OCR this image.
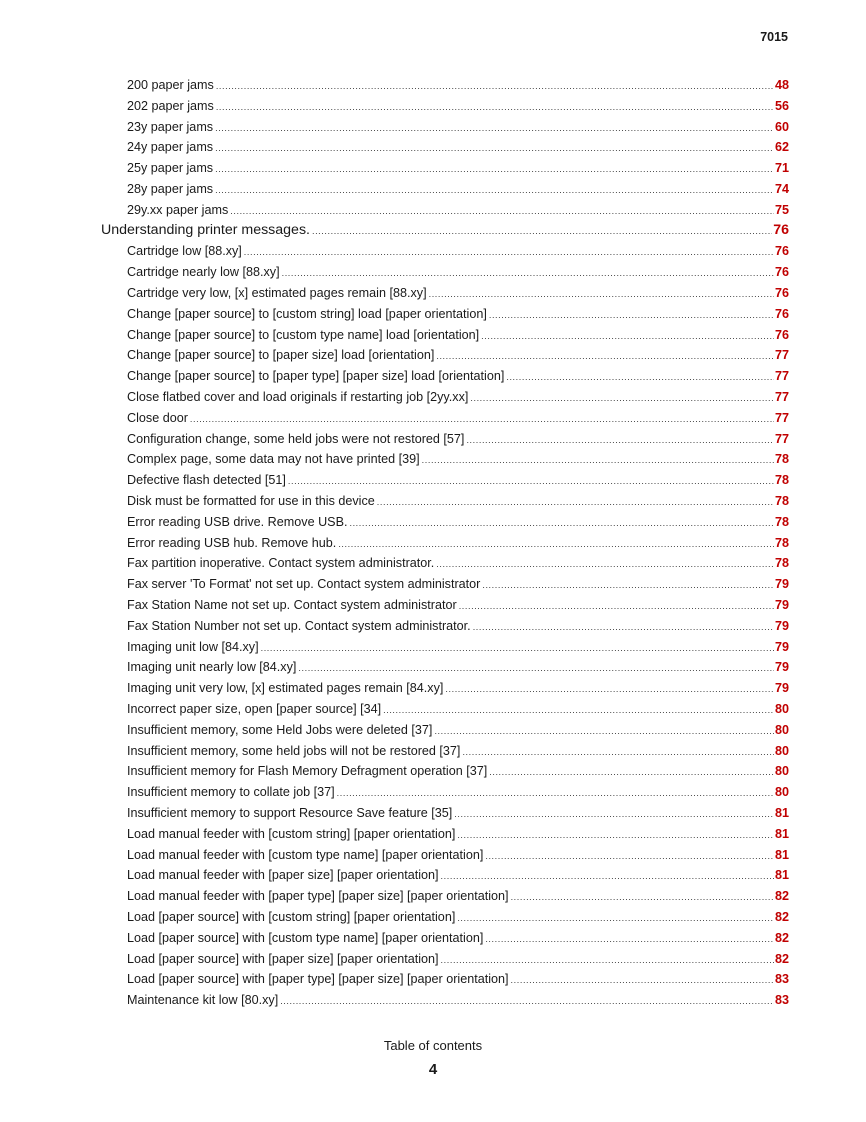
7015
200 paper jams .....	48
202 paper jams .....	56
23y paper jams .....	60
24y paper jams .....	62
25y paper jams .....	71
28y paper jams .....	74
29y.xx paper jams .....	75
Understanding printer messages. .....	76
Cartridge low [88.xy] .....	76
Cartridge nearly low [88.xy] .....	76
Cartridge very low, [x] estimated pages remain [88.xy] .....	76
Change [paper source] to [custom string] load [paper orientation] .....	76
Change [paper source] to [custom type name] load [orientation] .....	76
Change [paper source] to [paper size] load [orientation] .....	77
Change [paper source] to [paper type] [paper size] load [orientation] .....	77
Close flatbed cover and load originals if restarting job [2yy.xx] .....	77
Close door .....	77
Configuration change, some held jobs were not restored [57] .....	77
Complex page, some data may not have printed [39] .....	78
Defective flash detected [51] .....	78
Disk must be formatted for use in this device .....	78
Error reading USB drive. Remove USB. .....	78
Error reading USB hub. Remove hub. .....	78
Fax partition inoperative. Contact system administrator. .....	78
Fax server 'To Format' not set up. Contact system administrator .....	79
Fax Station Name not set up. Contact system administrator .....	79
Fax Station Number not set up. Contact system administrator. .....	79
Imaging unit low [84.xy] .....	79
Imaging unit nearly low [84.xy] .....	79
Imaging unit very low, [x] estimated pages remain [84.xy] .....	79
Incorrect paper size, open [paper source] [34] .....	80
Insufficient memory, some Held Jobs were deleted [37] .....	80
Insufficient memory, some held jobs will not be restored [37] .....	80
Insufficient memory for Flash Memory Defragment operation [37] .....	80
Insufficient memory to collate job [37] .....	80
Insufficient memory to support Resource Save feature [35] .....	81
Load manual feeder with [custom string] [paper orientation] .....	81
Load manual feeder with [custom type name] [paper orientation] .....	81
Load manual feeder with [paper size] [paper orientation] .....	81
Load manual feeder with [paper type] [paper size] [paper orientation] .....	82
Load [paper source] with [custom string] [paper orientation] .....	82
Load [paper source] with [custom type name] [paper orientation] .....	82
Load [paper source] with [paper size] [paper orientation] .....	82
Load [paper source] with [paper type] [paper size] [paper orientation] .....	83
Maintenance kit low [80.xy] .....	83
Table of contents
4
